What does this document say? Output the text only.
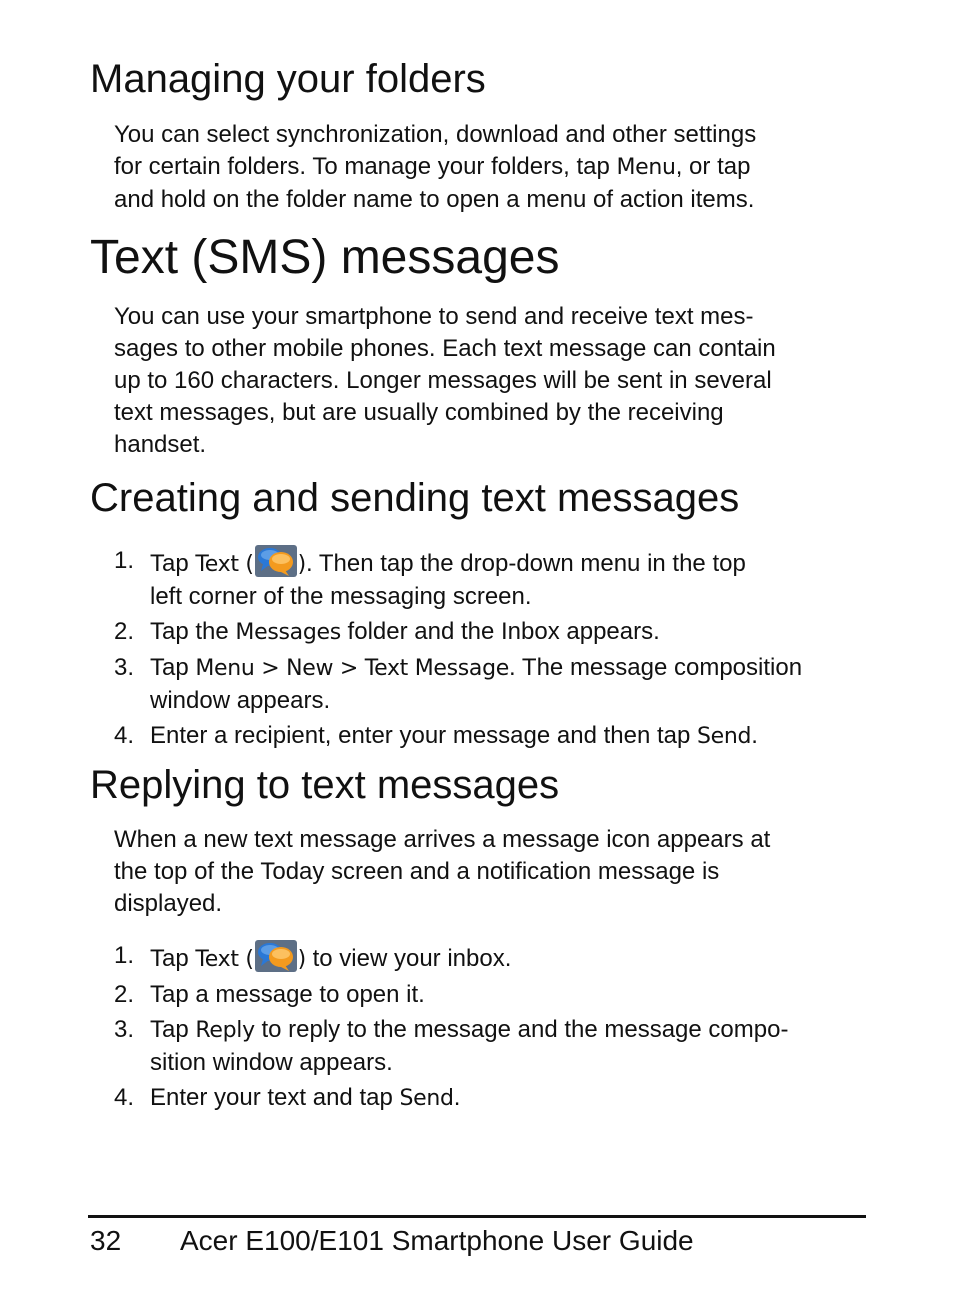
Managing your folders

You can select synchronization, download and other settings
for certain folders. To manage your folders, tap Menu, or tap
and hold on the folder name to open a menu of action items.

Text (SMS) messages

You can use your smartphone to send and receive text mes-
sages to other mobile phones. Each text message can contain
up to 160 characters. Longer messages will be sent in several
text messages, but are usually combined by the receiving
handset.

Creating and sending text messages
1. Tap Text ( ). Then tap the drop-down menu in the top
left corner of the messaging screen.
2. Tap the Messages folder and the Inbox appears.
3. Tap Menu > New > Text Message. The message composition
window appears.
4. Enter a recipient, enter your message and then tap Send.
Replying to text messages

When a new text message arrives a message icon appears at
the top of the Today screen and a notification message is
displayed.

1. Tap Text ( ) to view your inbox.
2. Tap a message to open it.
3. Tap Reply to reply to the message and the message compo-
sition window appears.
4. Enter your text and tap Send.
32 Acer E100/E101 Smartphone User Guide
